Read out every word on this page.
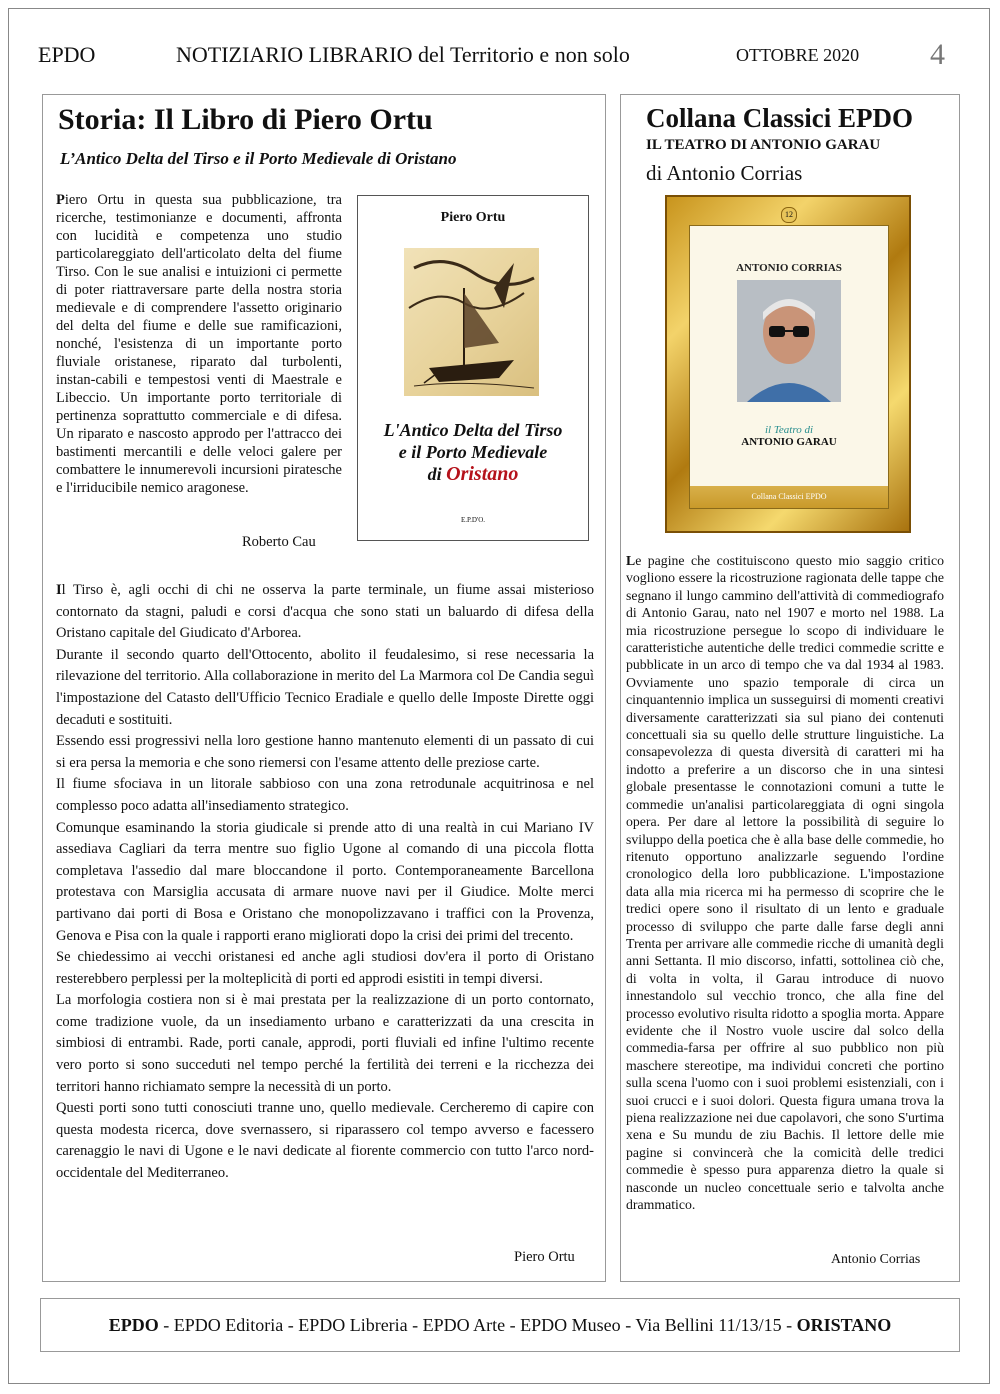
EPDO	NOTIZIARIO LIBRARIO del Territorio e non solo	OTTOBRE 2020 4
Storia: Il Libro di Piero Ortu
L’Antico Delta del Tirso e il Porto Medievale di Oristano
Piero Ortu in questa sua pubblicazione, tra ricerche, testimonianze e documenti, affronta con lucidità e competenza uno studio particolareggiato dell'articolato delta del fiume Tirso. Con le sue analisi e intuizioni ci permette di poter riattraversare parte della nostra storia medievale e di comprendere l'assetto originario del delta del fiume e delle sue ramificazioni, nonché, l'esistenza di un importante porto fluviale oristanese, riparato dal turbolenti, instan-cabili e tempestosi venti di Maestrale e Libeccio. Un importante porto territoriale di pertinenza soprattutto commerciale e di difesa. Un riparato e nascosto approdo per l'attracco dei bastimenti mercantili e delle veloci galere per combattere le innumerevoli incursioni piratesche e l'irriducibile nemico aragonese.
Roberto Cau
Piero Ortu
L'Antico Delta del Tirso
e il Porto Medievale
di Oristano
E.P.D'O.

Il Tirso è, agli occhi di chi ne osserva la parte terminale, un fiume assai misterioso contornato da stagni, paludi e corsi d'acqua che sono stati un baluardo di difesa della Oristano capitale del Giudicato d'Arborea.

Durante il secondo quarto dell'Ottocento, abolito il feudalesimo, si rese necessaria la rilevazione del territorio. Alla collaborazione in merito del La Marmora col De Candia seguì l'impostazione del Catasto dell'Ufficio Tecnico Eradiale e quello delle Imposte Dirette oggi decaduti e sostituiti.

Essendo essi progressivi nella loro gestione hanno mantenuto elementi di un passato di cui si era persa la memoria e che sono riemersi con l'esame attento delle preziose carte.

Il fiume sfociava in un litorale sabbioso con una zona retrodunale acquitrinosa e nel complesso poco adatta all'insediamento strategico.

Comunque esaminando la storia giudicale si prende atto di una realtà in cui Mariano IV assediava Cagliari da terra mentre suo figlio Ugone al comando di una piccola flotta completava l'assedio dal mare bloccandone il porto. Contemporaneamente Barcellona protestava con Marsiglia accusata di armare nuove navi per il Giudice. Molte merci partivano dai porti di Bosa e Oristano che monopolizzavano i traffici con la Provenza, Genova e Pisa con la quale i rapporti erano migliorati dopo la crisi dei primi del trecento.

Se chiedessimo ai vecchi oristanesi ed anche agli studiosi dov'era il porto di Oristano resterebbero perplessi per la molteplicità di porti ed approdi esistiti in tempi diversi.

La morfologia costiera non si è mai prestata per la realizzazione di un porto contornato, come tradizione vuole, da un insediamento urbano e caratterizzati da una crescita in simbiosi di entrambi. Rade, porti canale, approdi, porti fluviali ed infine l'ultimo recente vero porto si sono succeduti nel tempo perché la fertilità dei terreni e la ricchezza dei territori hanno richiamato sempre la necessità di un porto.

Questi porti sono tutti conosciuti tranne uno, quello medievale. Cercheremo di capire con questa modesta ricerca, dove svernassero, si riparassero col tempo avverso e facessero carenaggio le navi di Ugone e le navi dedicate al fiorente commercio con tutto l'arco nord-occidentale del Mediterraneo.

Piero Ortu
Collana Classici EPDO
IL TEATRO DI ANTONIO GARAU
di Antonio Corrias
12
ANTONIO CORRIAS
il Teatro di
ANTONIO GARAU
Collana Classici EPDO
Le pagine che costituiscono questo mio saggio critico vogliono essere la ricostruzione ragionata delle tappe che segnano il lungo cammino dell'attività di commediografo di Antonio Garau, nato nel 1907 e morto nel 1988. La mia ricostruzione persegue lo scopo di individuare le caratteristiche autentiche delle tredici commedie scritte e pubblicate in un arco di tempo che va dal 1934 al 1983. Ovviamente uno spazio temporale di circa un cinquantennio implica un susseguirsi di momenti creativi diversamente caratterizzati sia sul piano dei contenuti concettuali sia su quello delle strutture linguistiche. La consapevolezza di questa diversità di caratteri mi ha indotto a preferire a un discorso che in una sintesi globale presentasse le connotazioni comuni a tutte le commedie un'analisi particolareggiata di ogni singola opera. Per dare al lettore la possibilità di seguire lo sviluppo della poetica che è alla base delle commedie, ho ritenuto opportuno analizzarle seguendo l'ordine cronologico della loro pubblicazione. L'impostazione data alla mia ricerca mi ha permesso di scoprire che le tredici opere sono il risultato di un lento e graduale processo di sviluppo che parte dalle farse degli anni Trenta per arrivare alle commedie ricche di umanità degli anni Settanta. Il mio discorso, infatti, sottolinea ciò che, di volta in volta, il Garau introduce di nuovo innestandolo sul vecchio tronco, che alla fine del processo evolutivo risulta ridotto a spoglia morta. Appare evidente che il Nostro vuole uscire dal solco della commedia-farsa per offrire al suo pubblico non più maschere stereotipe, ma individui concreti che portino sulla scena l'uomo con i suoi problemi esistenziali, con i suoi crucci e i suoi dolori. Questa figura umana trova la piena realizzazione nei due capolavori, che sono S'urtima xena e Su mundu de ziu Bachis. Il lettore delle mie pagine si convincerà che la comicità delle tredici commedie è spesso pura apparenza dietro la quale si nasconde un nucleo concettuale serio e talvolta anche drammatico.
Antonio Corrias
EPDO - EPDO Editoria - EPDO Libreria - EPDO Arte - EPDO Museo - Via Bellini 11/13/15 - ORISTANO
